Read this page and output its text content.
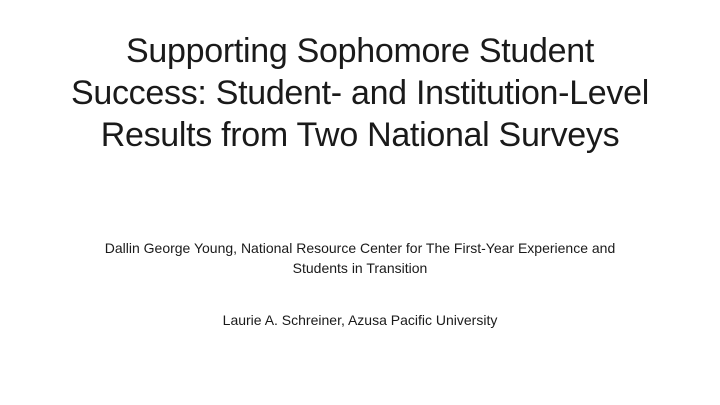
Supporting Sophomore Student Success: Student- and Institution-Level Results from Two National Surveys

Dallin George Young, National Resource Center for The First-Year Experience and Students in Transition

Laurie A. Schreiner, Azusa Pacific University
